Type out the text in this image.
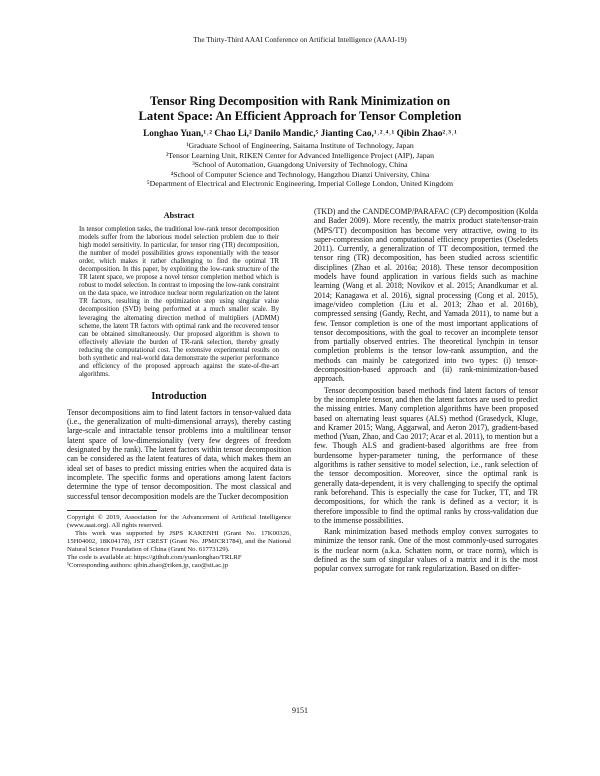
The Thirty-Third AAAI Conference on Artificial Intelligence (AAAI-19)
Tensor Ring Decomposition with Rank Minimization on
Latent Space: An Efficient Approach for Tensor Completion
Longhao Yuan,¹˒² Chao Li,² Danilo Mandic,⁵ Jianting Cao,¹˒²˒⁴˒¹ Qibin Zhao²˒³˒¹
¹Graduate School of Engineering, Saitama Institute of Technology, Japan
²Tensor Learning Unit, RIKEN Center for Advanced Intelligence Project (AIP), Japan
³School of Automation, Guangdong University of Technology, China
⁴School of Computer Science and Technology, Hangzhou Dianzi University, China
⁵Department of Electrical and Electronic Engineering, Imperial College London, United Kingdom
Abstract

In tensor completion tasks, the traditional low-rank tensor decomposition models suffer from the laborious model selection problem due to their high model sensitivity. In particular, for tensor ring (TR) decomposition, the number of model possibilities grows exponentially with the tensor order, which makes it rather challenging to find the optimal TR decomposition. In this paper, by exploiting the low-rank structure of the TR latent space, we propose a novel tensor completion method which is robust to model selection. In contrast to imposing the low-rank constraint on the data space, we introduce nuclear norm regularization on the latent TR factors, resulting in the optimization step using singular value decomposition (SVD) being performed at a much smaller scale. By leveraging the alternating direction method of multipliers (ADMM) scheme, the latent TR factors with optimal rank and the recovered tensor can be obtained simultaneously. Our proposed algorithm is shown to effectively alleviate the burden of TR-rank selection, thereby greatly reducing the computational cost. The extensive experimental results on both synthetic and real-world data demonstrate the superior performance and efficiency of the proposed approach against the state-of-the-art algorithms.

Introduction

Tensor decompositions aim to find latent factors in tensor-valued data (i.e., the generalization of multi-dimensional arrays), thereby casting large-scale and intractable tensor problems into a multilinear tensor latent space of low-dimensionality (very few degrees of freedom designated by the rank). The latent factors within tensor decomposition can be considered as the latent features of data, which makes them an ideal set of bases to predict missing entries when the acquired data is incomplete. The specific forms and operations among latent factors determine the type of tensor decomposition. The most classical and successful tensor decomposition models are the Tucker decomposition

Copyright © 2019, Association for the Advancement of Artificial Intelligence (www.aaai.org). All rights reserved.
This work was supported by JSPS KAKENHI (Grant No. 17K00326, 15H04002, 18K04178), JST CREST (Grant No. JPMJCR1784), and the National Natural Science Foundation of China (Grant No. 61773129).
The code is available at: https://github.com/yuanlonghao/TRLRF
¹Corresponding authors: qibin.zhao@riken.jp, cao@sit.ac.jp

(TKD) and the CANDECOMP/PARAFAC (CP) decomposition (Kolda and Bader 2009). More recently, the matrix product state/tensor-train (MPS/TT) decomposition has become very attractive, owing to its super-compression and computational efficiency properties (Oseledets 2011). Currently, a generalization of TT decomposition, termed the tensor ring (TR) decomposition, has been studied across scientific disciplines (Zhao et al. 2016a; 2018). These tensor decomposition models have found application in various fields such as machine learning (Wang et al. 2018; Novikov et al. 2015; Anandkumar et al. 2014; Kanagawa et al. 2016), signal processing (Cong et al. 2015), image/video completion (Liu et al. 2013; Zhao et al. 2016b), compressed sensing (Gandy, Recht, and Yamada 2011), to name but a few. Tensor completion is one of the most important applications of tensor decompositions, with the goal to recover an incomplete tensor from partially observed entries. The theoretical lynchpin in tensor completion problems is the tensor low-rank assumption, and the methods can mainly be categorized into two types: (i) tensor-decomposition-based approach and (ii) rank-minimization-based approach.

Tensor decomposition based methods find latent factors of tensor by the incomplete tensor, and then the latent factors are used to predict the missing entries. Many completion algorithms have been proposed based on alternating least squares (ALS) method (Grasedyck, Kluge, and Kramer 2015; Wang, Aggarwal, and Aeron 2017), gradient-based method (Yuan, Zhao, and Cao 2017; Acar et al. 2011), to mention but a few. Though ALS and gradient-based algorithms are free from burdensome hyper-parameter tuning, the performance of these algorithms is rather sensitive to model selection, i.e., rank selection of the tensor decomposition. Moreover, since the optimal rank is generally data-dependent, it is very challenging to specify the optimal rank beforehand. This is especially the case for Tucker, TT, and TR decompositions, for which the rank is defined as a vector; it is therefore impossible to find the optimal ranks by cross-validation due to the immense possibilities.

Rank minimization based methods employ convex surrogates to minimize the tensor rank. One of the most commonly-used surrogates is the nuclear norm (a.k.a. Schatten norm, or trace norm), which is defined as the sum of singular values of a matrix and it is the most popular convex surrogate for rank regularization. Based on differ-

9151
